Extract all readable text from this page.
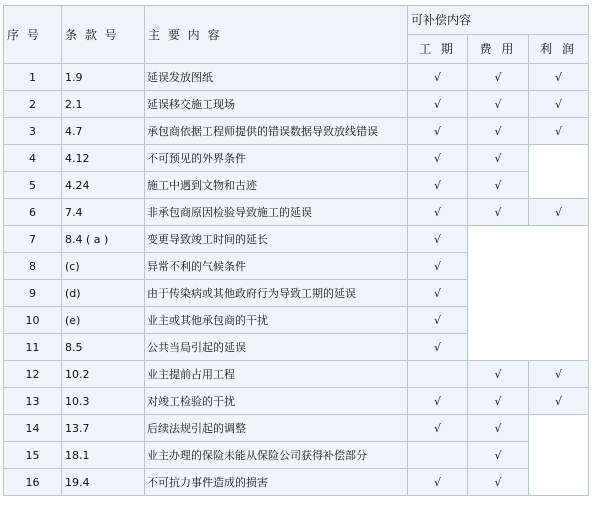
序 号	条 款 号	主 要 内 容	可补偿内容		
			工 期	费 用	利 润
1	1.9	延误发放图纸	√	√	√
2	2.1	延误移交施工现场	√	√	√
3	4.7	承包商依据工程师提供的错误数据导致放线错误	√	√	√
4	4.12	不可预见的外界条件	√	√	
5	4.24	施工中遇到文物和古迹	√	√	
6	7.4	非承包商原因检验导致施工的延误	√	√	√
7	8.4 ( a )	变更导致竣工时间的延长	√		
8	(c)	异常不利的气候条件	√		
9	(d)	由于传染病或其他政府行为导致工期的延误	√		
10	(e)	业主或其他承包商的干扰	√		
11	8.5	公共当局引起的延误	√		
12	10.2	业主提前占用工程		√	√
13	10.3	对竣工检验的干扰	√	√	√
14	13.7	后续法规引起的调整	√	√	
15	18.1	业主办理的保险未能从保险公司获得补偿部分		√	
16	19.4	不可抗力事件造成的损害	√	√	
